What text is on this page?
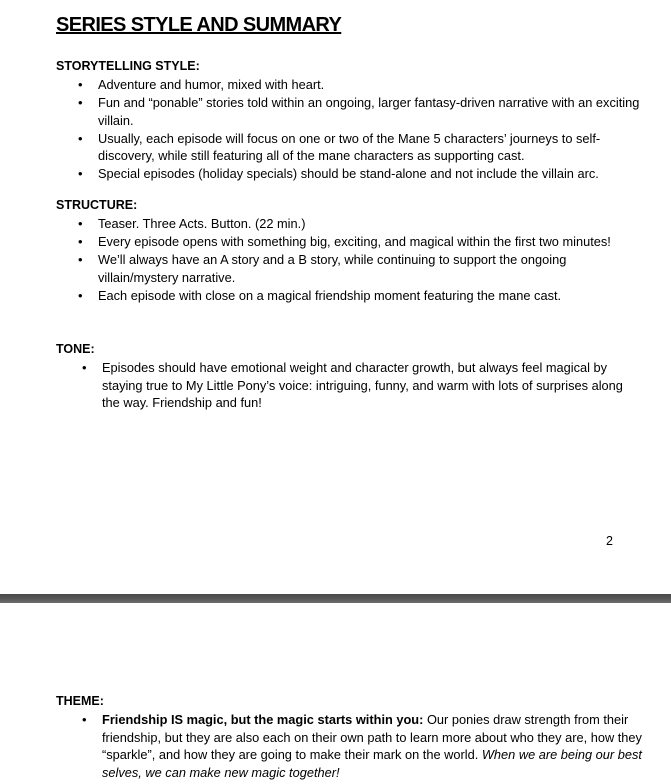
SERIES STYLE AND SUMMARY
STORYTELLING STYLE:
• Adventure and humor, mixed with heart.
• Fun and “ponable” stories told within an ongoing, larger fantasy-driven narrative with an exciting villain.
• Usually, each episode will focus on one or two of the Mane 5 characters’ journeys to self-discovery, while still featuring all of the mane characters as supporting cast.
• Special episodes (holiday specials) should be stand-alone and not include the villain arc.
STRUCTURE:
• Teaser. Three Acts. Button. (22 min.)
• Every episode opens with something big, exciting, and magical within the first two minutes!
• We’ll always have an A story and a B story, while continuing to support the ongoing villain/mystery narrative.
• Each episode with close on a magical friendship moment featuring the mane cast.
TONE:
• Episodes should have emotional weight and character growth, but always feel magical by staying true to My Little Pony’s voice: intriguing, funny, and warm with lots of surprises along the way. Friendship and fun!
2
THEME:
• Friendship IS magic, but the magic starts within you: Our ponies draw strength from their friendship, but they are also each on their own path to learn more about who they are, how they “sparkle”, and how they are going to make their mark on the world. When we are being our best selves, we can make new magic together!
